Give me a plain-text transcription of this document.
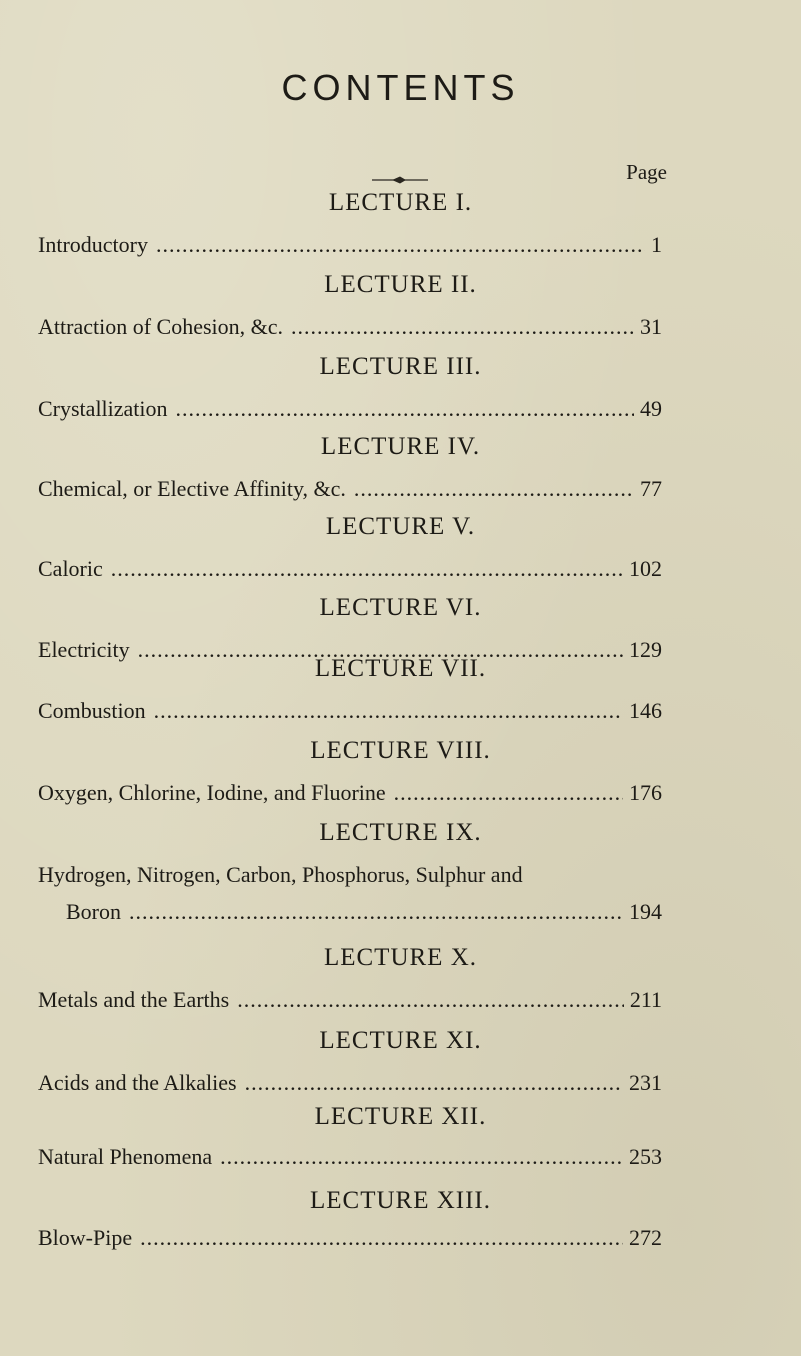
CONTENTS
Page
LECTURE I.
Introductory .....	1
LECTURE II.
Attraction of Cohesion, &c. .....	31
LECTURE III.
Crystallization .....	49
LECTURE IV.
Chemical, or Elective Affinity, &c. .....	77
LECTURE V.
Caloric .....	102
LECTURE VI.
Electricity .....	129
LECTURE VII.
Combustion .....	146
LECTURE VIII.
Oxygen, Chlorine, Iodine, and Fluorine .....	176
LECTURE IX.
Hydrogen, Nitrogen, Carbon, Phosphorus, Sulphur and
Boron .....	194
LECTURE X.
Metals and the Earths .....	211
LECTURE XI.
Acids and the Alkalies .....	231
LECTURE XII.
Natural Phenomena .....	253
LECTURE XIII.
Blow-Pipe .....	272
